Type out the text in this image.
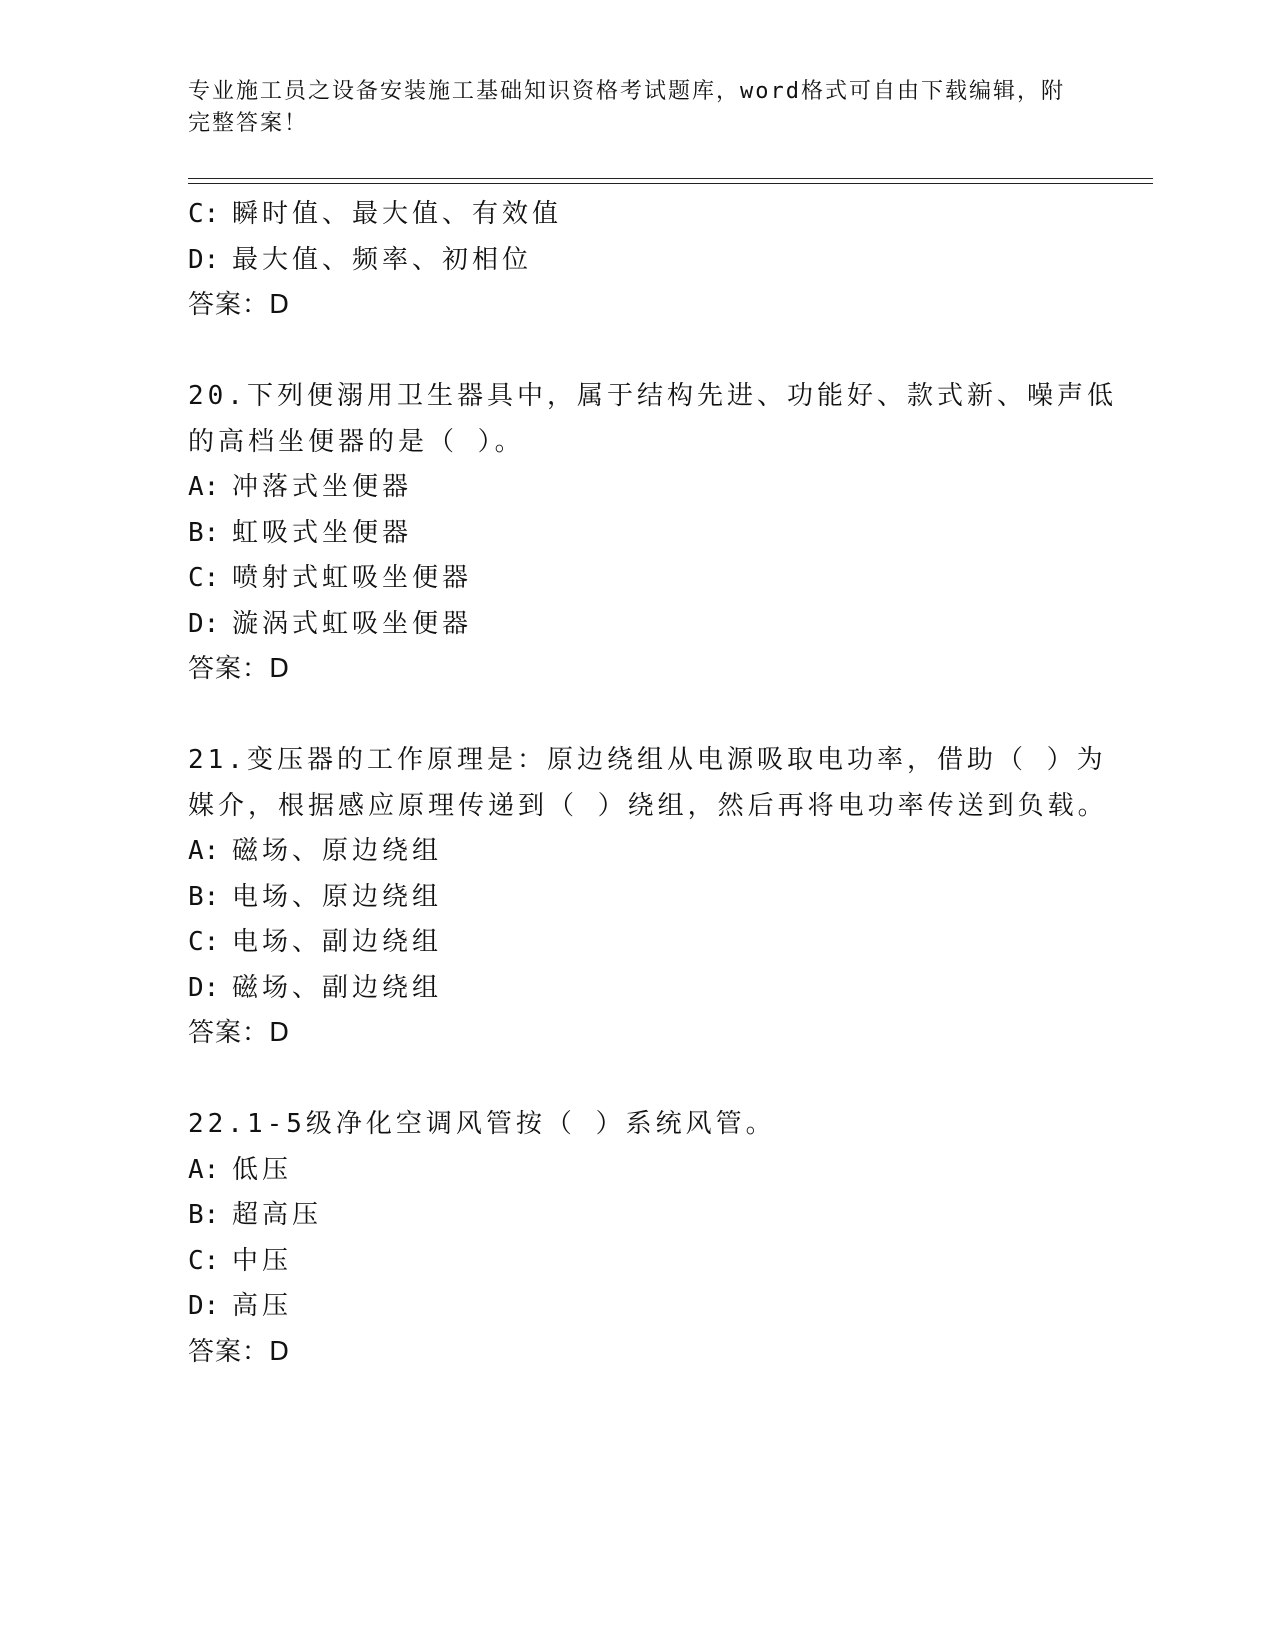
专业施工员之设备安装施工基础知识资格考试题库，word格式可自由下载编辑，附完整答案！
C: 瞬时值、最大值、有效值
D: 最大值、频率、初相位
答案：D
20.下列便溺用卫生器具中，属于结构先进、功能好、款式新、噪声低
的高档坐便器的是（ ）。
A: 冲落式坐便器
B: 虹吸式坐便器
C: 喷射式虹吸坐便器
D: 漩涡式虹吸坐便器
答案：D
21.变压器的工作原理是：原边绕组从电源吸取电功率，借助（ ）为
媒介，根据感应原理传递到（ ）绕组，然后再将电功率传送到负载。
A: 磁场、原边绕组
B: 电场、原边绕组
C: 电场、副边绕组
D: 磁场、副边绕组
答案：D
22.1-5级净化空调风管按（ ）系统风管。
A: 低压
B: 超高压
C: 中压
D: 高压
答案：D
